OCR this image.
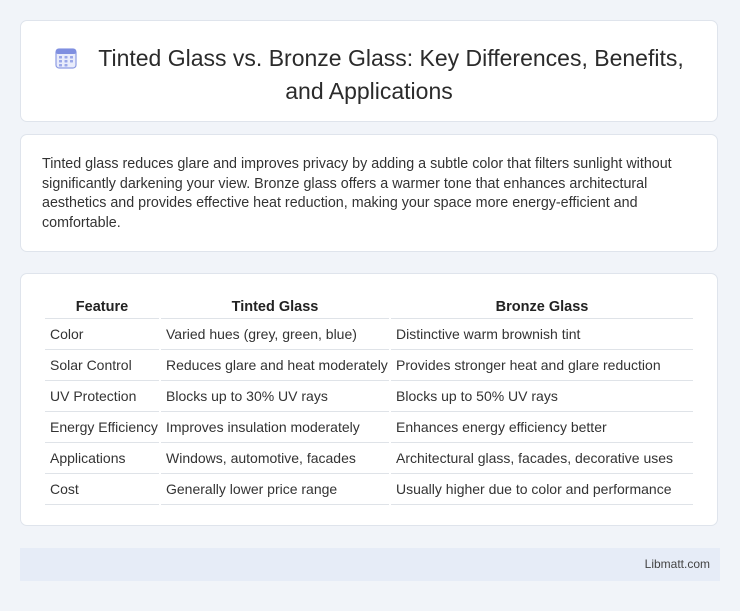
Tinted Glass vs. Bronze Glass: Key Differences, Benefits, and Applications

Tinted glass reduces glare and improves privacy by adding a subtle color that filters sunlight without significantly darkening your view. Bronze glass offers a warmer tone that enhances architectural aesthetics and provides effective heat reduction, making your space more energy-efficient and comfortable.

Feature	Tinted Glass	Bronze Glass
Color	Varied hues (grey, green, blue)	Distinctive warm brownish tint
Solar Control	Reduces glare and heat moderately	Provides stronger heat and glare reduction
UV Protection	Blocks up to 30% UV rays	Blocks up to 50% UV rays
Energy Efficiency	Improves insulation moderately	Enhances energy efficiency better
Applications	Windows, automotive, facades	Architectural glass, facades, decorative uses
Cost	Generally lower price range	Usually higher due to color and performance
Libmatt.com
